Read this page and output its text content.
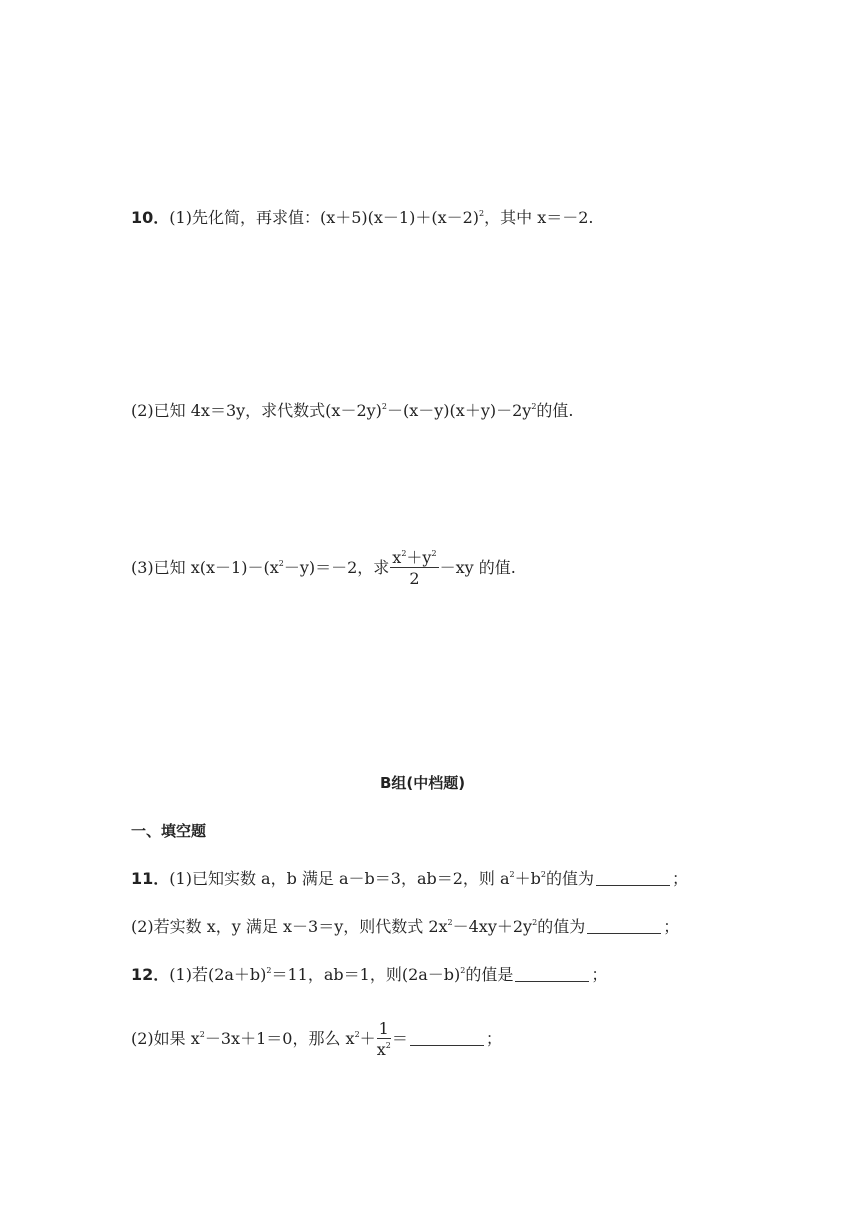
10．(1)先化简，再求值：$(x+5)(x-1)+(x-2)^2$，其中 x＝－2.
(2)已知 4x＝3y，求代数式$(x-2y)^2-(x-y)(x+y)-2y^2$的值.
(3)已知 $x(x-1)-(x^2-y)=-2$，求 $\frac{x^2+y^2}{2} -xy$ 的值.
B组(中档题)
一、填空题
11．(1)已知实数 a，b 满足 a－b＝3，ab＝2，则 $a^2+b^2$的值为	；
(2)若实数 x，y 满足 x－3＝y，则代数式 $2x^2-4xy+2y^2$的值为	；
12．(1)若$(2a+b)^2=11$，ab＝1，则$(2a-b)^2$的值是	；
(2)如果 $x^2-3x+1=0$，那么 $x^2+ \frac{1}{x^2}$ ＝	；
